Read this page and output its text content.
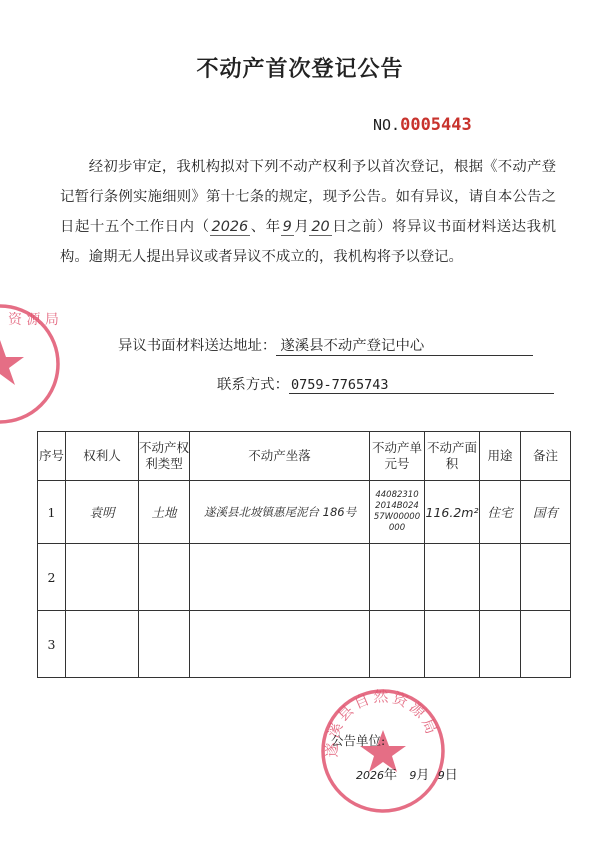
不动产首次登记公告
NO.0005443

经初步审定，我机构拟对下列不动产权利予以首次登记，根据《不动产登记暂行条例实施细则》第十七条的规定，现予公告。如有异议，请自本公告之日起十五个工作日内（ 2026 、年 9 月 20 日之前）将异议书面材料送达我机构。逾期无人提出异议或者异议不成立的，我机构将予以登记。

异议书面材料送达地址： 遂溪县不动产登记中心
联系方式： 0759-7765743
序号	权利人	不动产权利类型	不动产坐落	不动产单元号	不动产面 积	用途	备注
1	袁明	土地	遂溪县北坡镇惠尾泥台 186号	440823102014B02457W00000000	116.2m²	住宅	国有
2							
3							
资 源 局
遂溪县自然资源局
公告单位:
2026年 9月 9日
